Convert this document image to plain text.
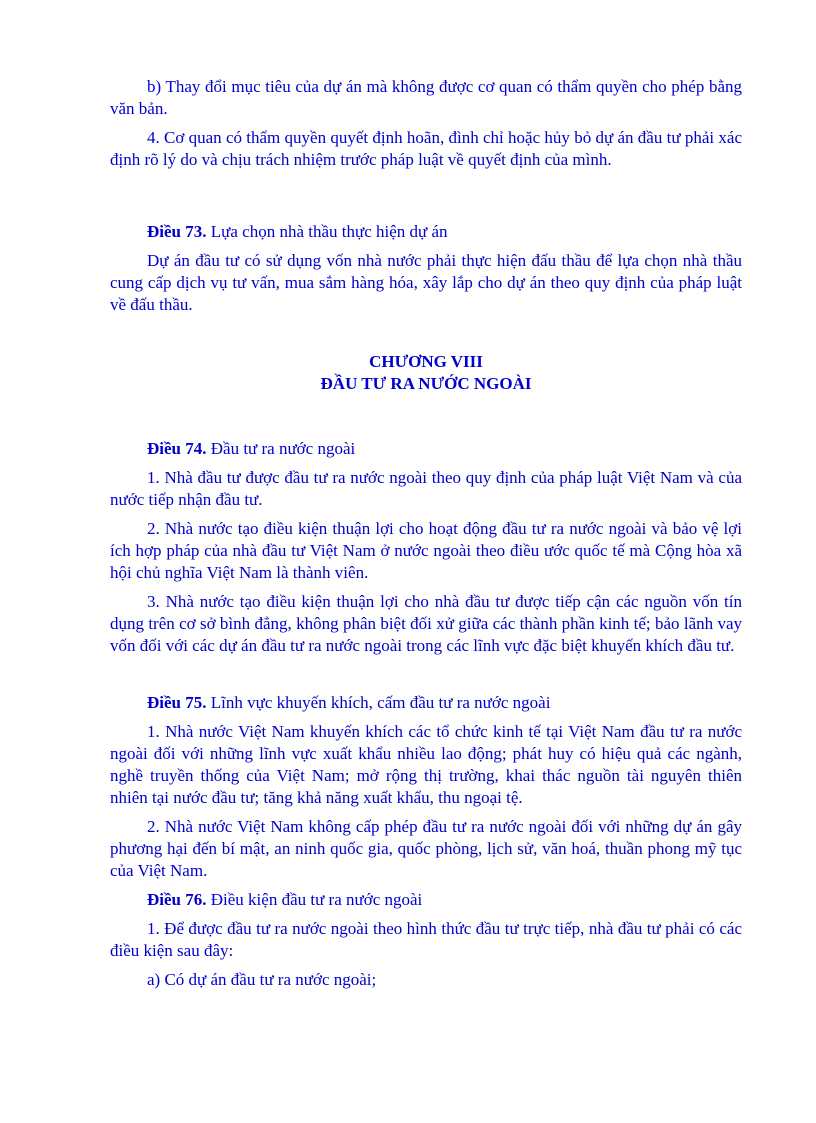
b) Thay đổi mục tiêu của dự án mà không được cơ quan có thẩm quyền cho phép bằng văn bản.

4. Cơ quan có thẩm quyền quyết định hoãn, đình chỉ hoặc hủy bỏ dự án đầu tư phải xác định rõ lý do và chịu trách nhiệm trước pháp luật về quyết định của mình.

Điều 73. Lựa chọn nhà thầu thực hiện dự án

Dự án đầu tư có sử dụng vốn nhà nước phải thực hiện đấu thầu để lựa chọn nhà thầu cung cấp dịch vụ tư vấn, mua sắm hàng hóa, xây lắp cho dự án theo quy định của pháp luật về đấu thầu.

CHƯƠNG VIII

ĐẦU TƯ RA NƯỚC NGOÀI

Điều 74. Đầu tư ra nước ngoài

1. Nhà đầu tư được đầu tư ra nước ngoài theo quy định của pháp luật Việt Nam và của nước tiếp nhận đầu tư.

2. Nhà nước tạo điều kiện thuận lợi cho hoạt động đầu tư ra nước ngoài và bảo vệ lợi ích hợp pháp của nhà đầu tư Việt Nam ở nước ngoài theo điều ước quốc tế mà Cộng hòa xã hội chủ nghĩa Việt Nam là thành viên.

3. Nhà nước tạo điều kiện thuận lợi cho nhà đầu tư được tiếp cận các nguồn vốn tín dụng trên cơ sở bình đẳng, không phân biệt đối xử giữa các thành phần kinh tế; bảo lãnh vay vốn đối với các dự án đầu tư ra nước ngoài trong các lĩnh vực đặc biệt khuyến khích đầu tư.

Điều 75. Lĩnh vực khuyến khích, cấm đầu tư ra nước ngoài

1. Nhà nước Việt Nam khuyến khích các tổ chức kinh tế tại Việt Nam đầu tư ra nước ngoài đối với những lĩnh vực xuất khẩu nhiều lao động; phát huy có hiệu quả các ngành, nghề truyền thống của Việt Nam; mở rộng thị trường, khai thác nguồn tài nguyên thiên nhiên tại nước đầu tư; tăng khả năng xuất khẩu, thu ngoại tệ.

2. Nhà nước Việt Nam không cấp phép đầu tư ra nước ngoài đối với những dự án gây phương hại đến bí mật, an ninh quốc gia, quốc phòng, lịch sử, văn hoá, thuần phong mỹ tục của Việt Nam.

Điều 76. Điều kiện đầu tư ra nước ngoài

1. Để được đầu tư ra nước ngoài theo hình thức đầu tư trực tiếp, nhà đầu tư phải có các điều kiện sau đây:

a) Có dự án đầu tư ra nước ngoài;
